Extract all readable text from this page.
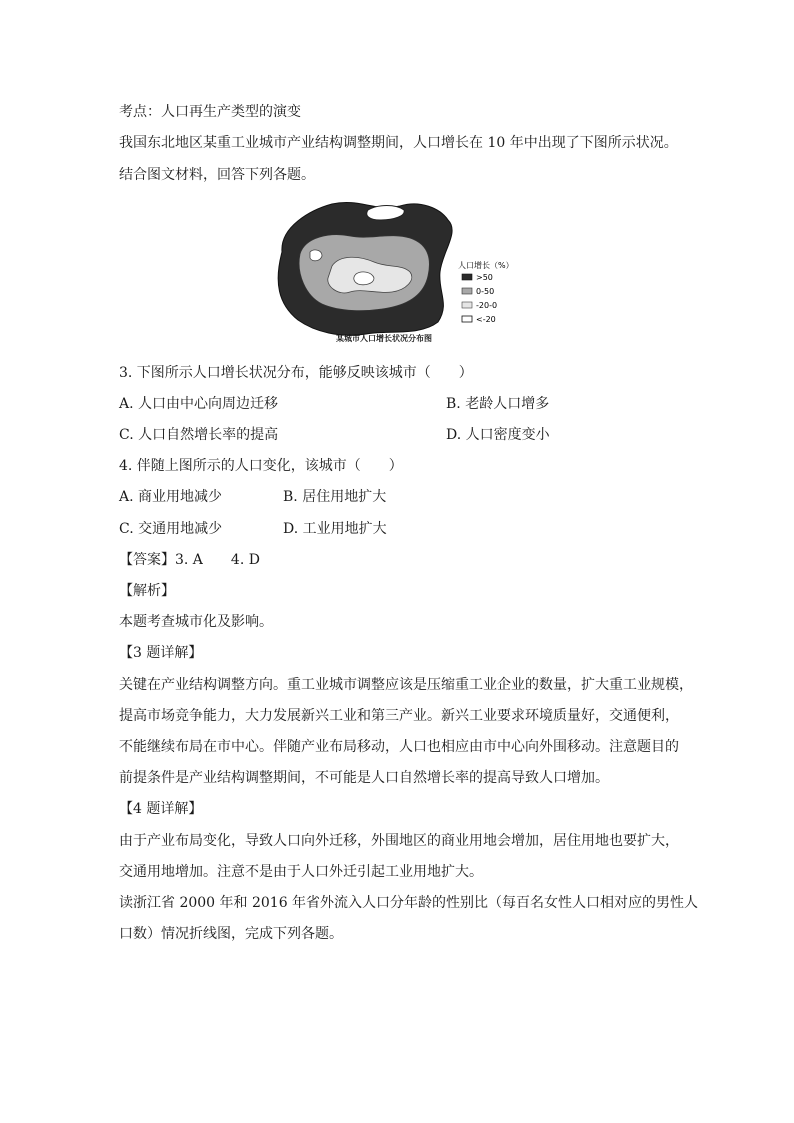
考点：人口再生产类型的演变
我国东北地区某重工业城市产业结构调整期间，人口增长在 10 年中出现了下图所示状况。
结合图文材料，回答下列各题。
人口增长（%）
>50
0-50
-20-0
<-20
某城市人口增长状况分布图
3. 下图所示人口增长状况分布，能够反映该城市（　　）
A. 人口由中心向周边迁移	B. 老龄人口增多
C. 人口自然增长率的提高	D. 人口密度变小
4. 伴随上图所示的人口变化，该城市（　　）
A. 商业用地减少	B. 居住用地扩大
C. 交通用地减少	D. 工业用地扩大
【答案】3. A　　4. D
【解析】
本题考查城市化及影响。
【3 题详解】
关键在产业结构调整方向。重工业城市调整应该是压缩重工业企业的数量，扩大重工业规模，
提高市场竞争能力，大力发展新兴工业和第三产业。新兴工业要求环境质量好，交通便利，
不能继续布局在市中心。伴随产业布局移动，人口也相应由市中心向外围移动。注意题目的
前提条件是产业结构调整期间，不可能是人口自然增长率的提高导致人口增加。
【4 题详解】
由于产业布局变化，导致人口向外迁移，外围地区的商业用地会增加，居住用地也要扩大，
交通用地增加。注意不是由于人口外迁引起工业用地扩大。
读浙江省 2000 年和 2016 年省外流入人口分年龄的性别比（每百名女性人口相对应的男性人
口数）情况折线图，完成下列各题。
